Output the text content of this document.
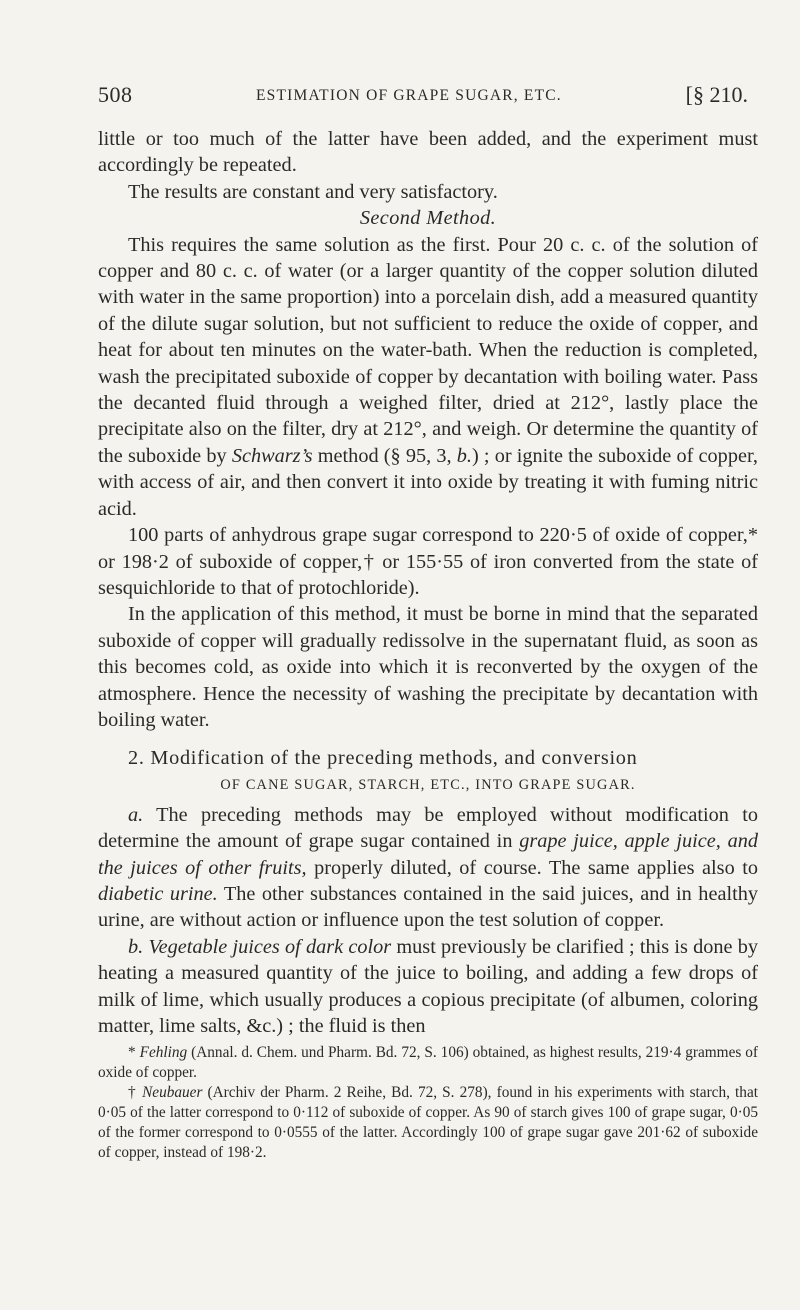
508	ESTIMATION OF GRAPE SUGAR, ETC.	[§ 210.

little or too much of the latter have been added, and the experiment must accordingly be repeated.

The results are constant and very satisfactory.

Second Method.

This requires the same solution as the first. Pour 20 c. c. of the solution of copper and 80 c. c. of water (or a larger quantity of the copper solution diluted with water in the same proportion) into a porcelain dish, add a measured quantity of the dilute sugar solution, but not sufficient to reduce the oxide of copper, and heat for about ten minutes on the water-bath. When the reduction is completed, wash the precipitated suboxide of copper by decantation with boiling water. Pass the decanted fluid through a weighed filter, dried at 212°, lastly place the precipitate also on the filter, dry at 212°, and weigh. Or determine the quantity of the suboxide by Schwarz’s method (§ 95, 3, b.) ; or ignite the suboxide of copper, with access of air, and then convert it into oxide by treating it with fuming nitric acid.

100 parts of anhydrous grape sugar correspond to 220·5 of oxide of copper,* or 198·2 of suboxide of copper,† or 155·55 of iron converted from the state of sesquichloride to that of protochloride).

In the application of this method, it must be borne in mind that the separated suboxide of copper will gradually redissolve in the supernatant fluid, as soon as this becomes cold, as oxide into which it is reconverted by the oxygen of the atmosphere. Hence the necessity of washing the precipitate by decantation with boiling water.

2. Modification of the preceding methods, and conversion

OF CANE SUGAR, STARCH, ETC., INTO GRAPE SUGAR.

a. The preceding methods may be employed without modification to determine the amount of grape sugar contained in grape juice, apple juice, and the juices of other fruits, properly diluted, of course. The same applies also to diabetic urine. The other substances contained in the said juices, and in healthy urine, are without action or influence upon the test solution of copper.

b. Vegetable juices of dark color must previously be clarified ; this is done by heating a measured quantity of the juice to boiling, and adding a few drops of milk of lime, which usually produces a copious precipitate (of albumen, coloring matter, lime salts, &c.) ; the fluid is then

* Fehling (Annal. d. Chem. und Pharm. Bd. 72, S. 106) obtained, as highest results, 219·4 grammes of oxide of copper.

† Neubauer (Archiv der Pharm. 2 Reihe, Bd. 72, S. 278), found in his experiments with starch, that 0·05 of the latter correspond to 0·112 of suboxide of copper. As 90 of starch gives 100 of grape sugar, 0·05 of the former correspond to 0·0555 of the latter. Accordingly 100 of grape sugar gave 201·62 of suboxide of copper, instead of 198·2.
